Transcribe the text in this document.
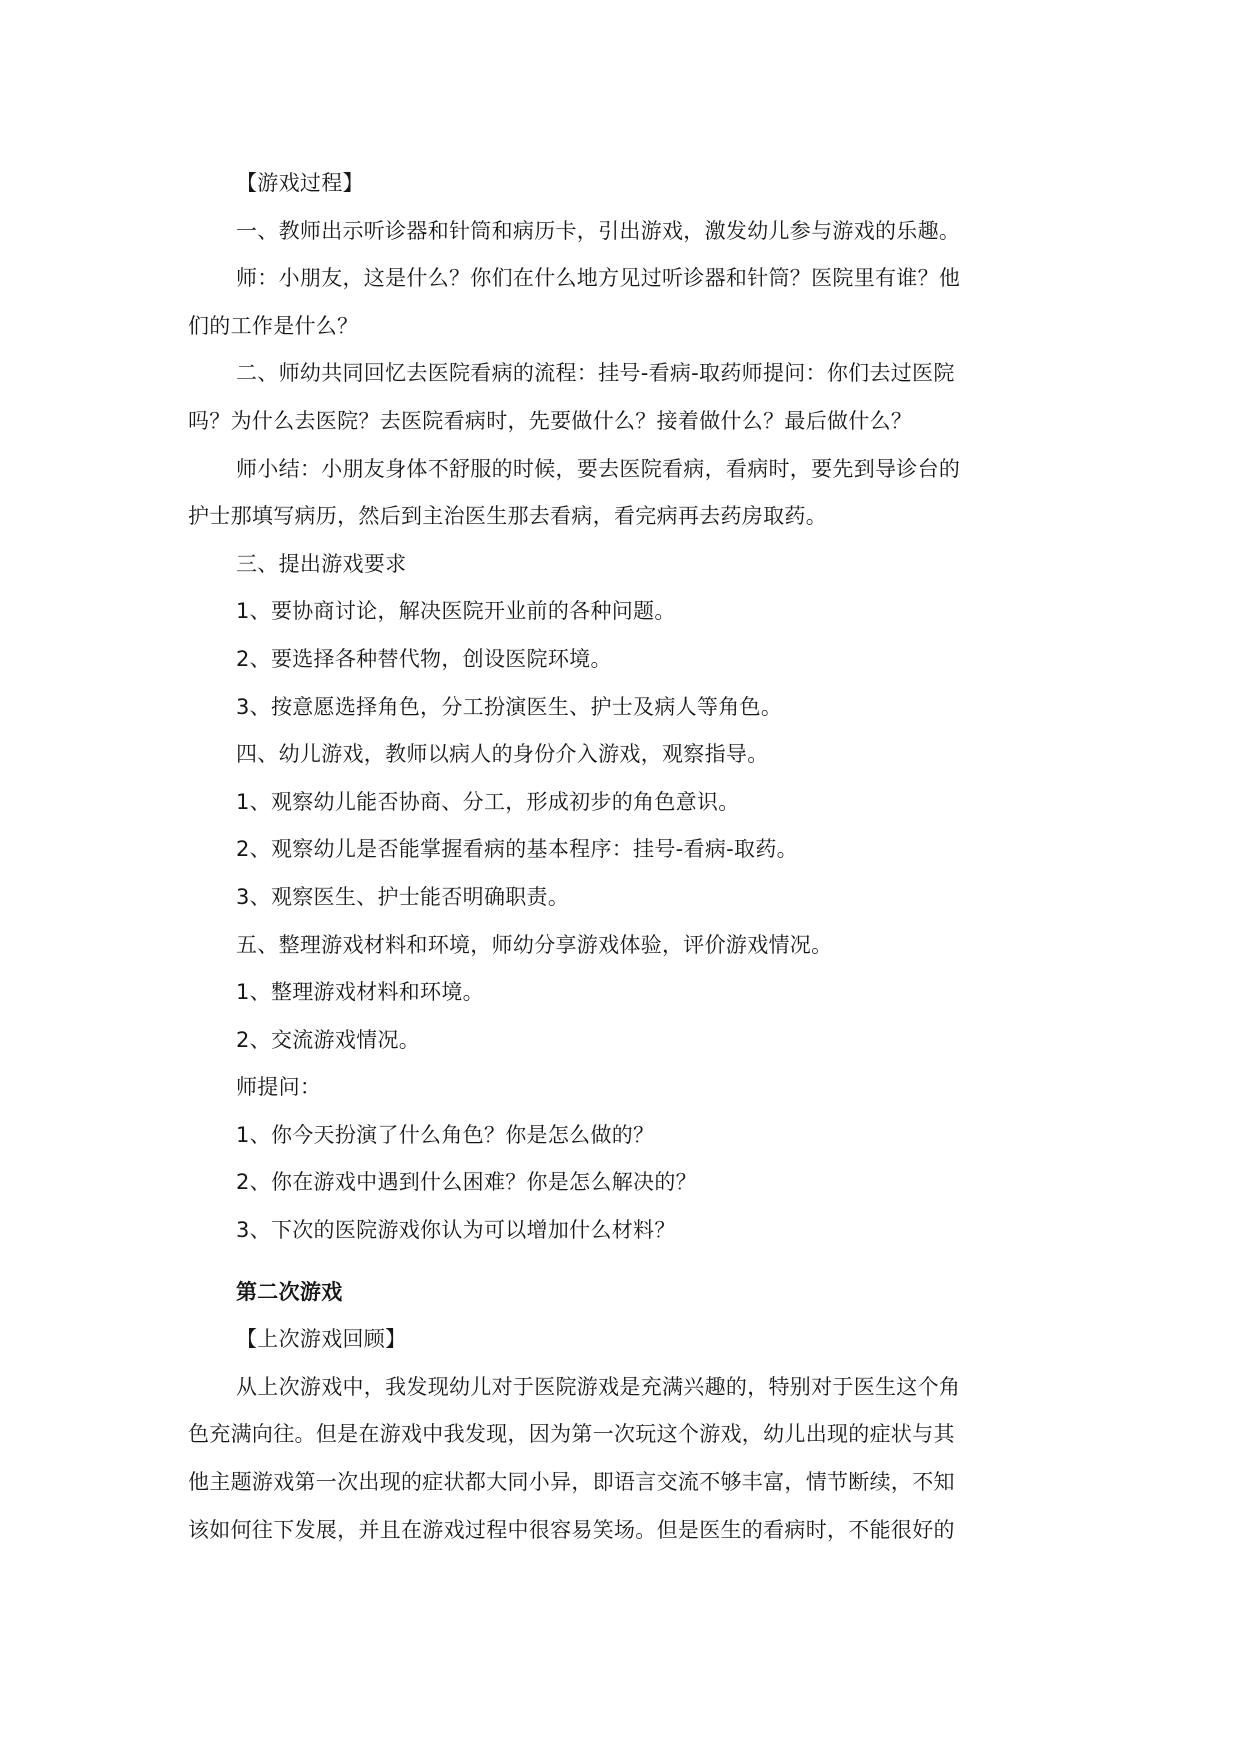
【游戏过程】
一、教师出示听诊器和针筒和病历卡，引出游戏，激发幼儿参与游戏的乐趣。
师：小朋友，这是什么？你们在什么地方见过听诊器和针筒？医院里有谁？他
们的工作是什么？
二、师幼共同回忆去医院看病的流程：挂号-看病-取药师提问：你们去过医院
吗？为什么去医院？去医院看病时，先要做什么？接着做什么？最后做什么？
师小结：小朋友身体不舒服的时候，要去医院看病，看病时，要先到导诊台的
护士那填写病历，然后到主治医生那去看病，看完病再去药房取药。
三、提出游戏要求
1、要协商讨论，解决医院开业前的各种问题。
2、要选择各种替代物，创设医院环境。
3、按意愿选择角色，分工扮演医生、护士及病人等角色。
四、幼儿游戏，教师以病人的身份介入游戏，观察指导。
1、观察幼儿能否协商、分工，形成初步的角色意识。
2、观察幼儿是否能掌握看病的基本程序：挂号-看病-取药。
3、观察医生、护士能否明确职责。
五、整理游戏材料和环境，师幼分享游戏体验，评价游戏情况。
1、整理游戏材料和环境。
2、交流游戏情况。
师提问：
1、你今天扮演了什么角色？你是怎么做的？
2、你在游戏中遇到什么困难？你是怎么解决的？
3、下次的医院游戏你认为可以增加什么材料？
第二次游戏
【上次游戏回顾】
从上次游戏中，我发现幼儿对于医院游戏是充满兴趣的，特别对于医生这个角
色充满向往。但是在游戏中我发现，因为第一次玩这个游戏，幼儿出现的症状与其
他主题游戏第一次出现的症状都大同小异，即语言交流不够丰富，情节断续，不知
该如何往下发展，并且在游戏过程中很容易笑场。但是医生的看病时，不能很好的
